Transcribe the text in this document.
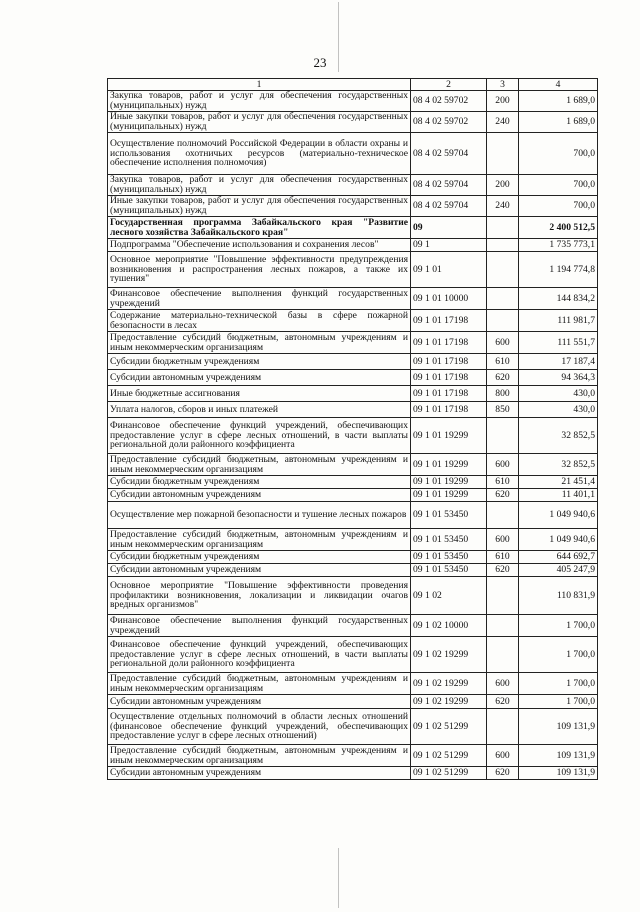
23
1	2	3	4
Закупка товаров, работ и услуг для обеспечения государственных (муниципальных) нужд	08 4 02 59702	200	1 689,0
Иные закупки товаров, работ и услуг для обеспечения государственных (муниципальных) нужд	08 4 02 59702	240	1 689,0
Осуществление полномочий Российской Федерации в области охраны и использования охотничьих ресурсов (материально-техническое обеспечение исполнения полномочия)	08 4 02 59704		700,0
Закупка товаров, работ и услуг для обеспечения государственных (муниципальных) нужд	08 4 02 59704	200	700,0
Иные закупки товаров, работ и услуг для обеспечения государственных (муниципальных) нужд	08 4 02 59704	240	700,0
Государственная программа Забайкальского края "Развитие лесного хозяйства Забайкальского края"	09		2 400 512,5
Подпрограмма "Обеспечение использования и сохранения лесов"	09 1		1 735 773,1
Основное мероприятие "Повышение эффективности предупреждения возникновения и распространения лесных пожаров, а также их тушения"	09 1 01		1 194 774,8
Финансовое обеспечение выполнения функций государственных учреждений	09 1 01 10000		144 834,2
Содержание материально-технической базы в сфере пожарной безопасности в лесах	09 1 01 17198		111 981,7
Предоставление субсидий бюджетным, автономным учреждениям и иным некоммерческим организациям	09 1 01 17198	600	111 551,7
Субсидии бюджетным учреждениям	09 1 01 17198	610	17 187,4
Субсидии автономным учреждениям	09 1 01 17198	620	94 364,3
Иные бюджетные ассигнования	09 1 01 17198	800	430,0
Уплата налогов, сборов и иных платежей	09 1 01 17198	850	430,0
Финансовое обеспечение функций учреждений, обеспечивающих предоставление услуг в сфере лесных отношений, в части выплаты региональной доли районного коэффициента	09 1 01 19299		32 852,5
Предоставление субсидий бюджетным, автономным учреждениям и иным некоммерческим организациям	09 1 01 19299	600	32 852,5
Субсидии бюджетным учреждениям	09 1 01 19299	610	21 451,4
Субсидии автономным учреждениям	09 1 01 19299	620	11 401,1
Осуществление мер пожарной безопасности и тушение лесных пожаров	09 1 01 53450		1 049 940,6
Предоставление субсидий бюджетным, автономным учреждениям и иным некоммерческим организациям	09 1 01 53450	600	1 049 940,6
Субсидии бюджетным учреждениям	09 1 01 53450	610	644 692,7
Субсидии автономным учреждениям	09 1 01 53450	620	405 247,9
Основное мероприятие "Повышение эффективности проведения профилактики возникновения, локализации и ликвидации очагов вредных организмов"	09 1 02		110 831,9
Финансовое обеспечение выполнения функций государственных учреждений	09 1 02 10000		1 700,0
Финансовое обеспечение функций учреждений, обеспечивающих предоставление услуг в сфере лесных отношений, в части выплаты региональной доли районного коэффициента	09 1 02 19299		1 700,0
Предоставление субсидий бюджетным, автономным учреждениям и иным некоммерческим организациям	09 1 02 19299	600	1 700,0
Субсидии автономным учреждениям	09 1 02 19299	620	1 700,0
Осуществление отдельных полномочий в области лесных отношений (финансовое обеспечение функций учреждений, обеспечивающих предоставление услуг в сфере лесных отношений)	09 1 02 51299		109 131,9
Предоставление субсидий бюджетным, автономным учреждениям и иным некоммерческим организациям	09 1 02 51299	600	109 131,9
Субсидии автономным учреждениям	09 1 02 51299	620	109 131,9
